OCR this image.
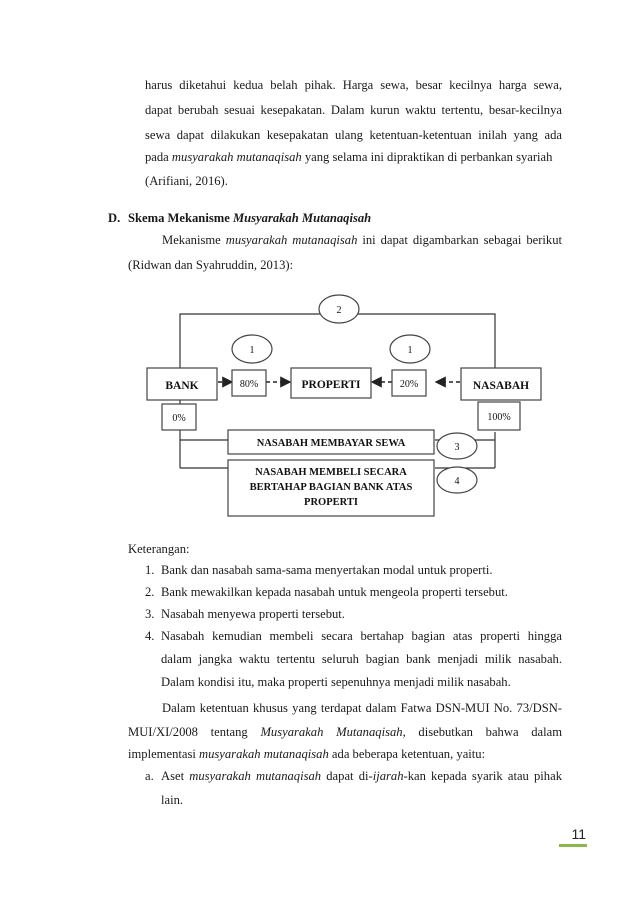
harus diketahui kedua belah pihak. Harga sewa, besar kecilnya harga sewa,
dapat berubah sesuai kesepakatan. Dalam kurun waktu tertentu, besar-kecilnya
sewa dapat dilakukan kesepakatan ulang ketentuan-ketentuan inilah yang ada
pada musyarakah mutanaqisah yang selama ini dipraktikan di perbankan syariah
(Arifiani, 2016).
D. Skema Mekanisme Musyarakah Mutanaqisah
Mekanisme musyarakah mutanaqisah ini dapat digambarkan sebagai berikut
(Ridwan dan Syahruddin, 2013):
BANK	80%	PROPERTI	20%	NASABAH
0%	100%
2
1	1
3
4
NASABAH MEMBAYAR SEWA
NASABAH MEMBELI SECARA
BERTAHAP BAGIAN BANK ATAS
PROPERTI
Keterangan:
1. Bank dan nasabah sama-sama menyertakan modal untuk properti.
2. Bank mewakilkan kepada nasabah untuk mengeola properti tersebut.
3. Nasabah menyewa properti tersebut.
4. Nasabah kemudian membeli secara bertahap bagian atas properti hingga
dalam jangka waktu tertentu seluruh bagian bank menjadi milik nasabah.
Dalam kondisi itu, maka properti sepenuhnya menjadi milik nasabah.
Dalam ketentuan khusus yang terdapat dalam Fatwa DSN-MUI No. 73/DSN-
MUI/XI/2008 tentang Musyarakah Mutanaqisah, disebutkan bahwa dalam
implementasi musyarakah mutanaqisah ada beberapa ketentuan, yaitu:
a. Aset musyarakah mutanaqisah dapat di-ijarah-kan kepada syarik atau pihak
lain.
11
